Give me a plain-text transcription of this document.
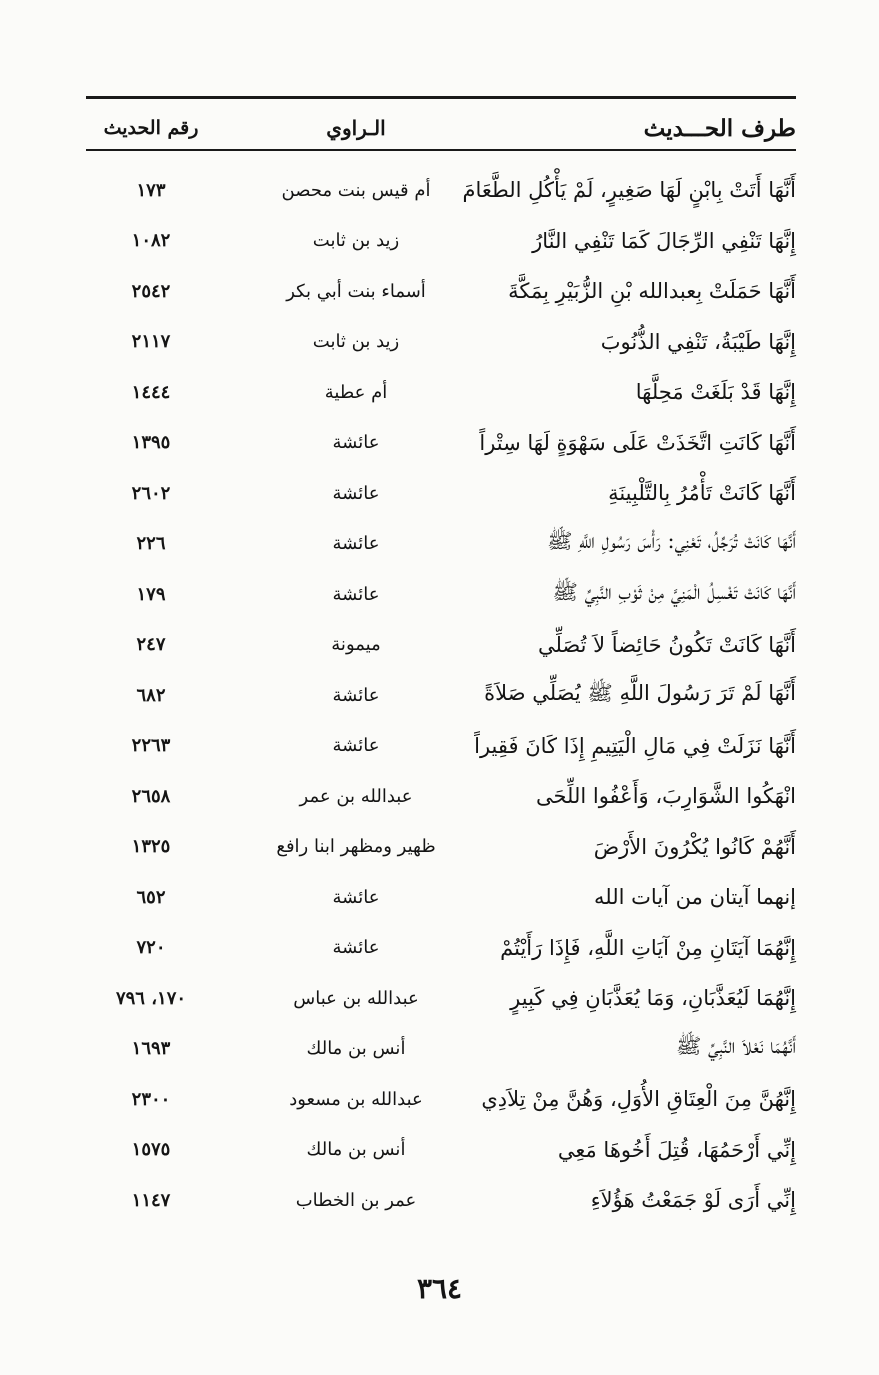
طرف الحـــديث
الـراوي
رقم الحديث
أَنَّهَا أَتَتْ بِابْنٍ لَهَا صَغِيرٍ، لَمْ يَأْكُلِ الطَّعَامَ
أم قيس بنت محصن
١٧٣
إِنَّهَا تَنْفِي الرِّجَالَ كَمَا تَنْفِي النَّارُ
زيد بن ثابت
١٠٨٢
أَنَّهَا حَمَلَتْ بِعبدالله بْنِ الزُّبَيْرِ بِمَكَّةَ
أسماء بنت أبي بكر
٢٥٤٢
إِنَّهَا طَيْبَةُ، تَنْفِي الذُّنُوبَ
زيد بن ثابت
٢١١٧
إِنَّهَا قَدْ بَلَغَتْ مَحِلَّهَا
أم عطية
١٤٤٤
أَنَّهَا كَانَتِ اتَّخَذَتْ عَلَى سَهْوَةٍ لَهَا سِتْراً
عائشة
١٣٩٥
أَنَّهَا كَانَتْ تَأْمُرُ بِالتَّلْبِينَةِ
عائشة
٢٦٠٢
أَنَّهَا كَانَتْ تُرَجِّلُ، تَعْنِي: رَأْسَ رَسُولِ اللَّهِ ﷺ
عائشة
٢٢٦
أَنَّهَا كَانَتْ تَغْسِلُ الْمَنِيَّ مِنْ ثَوْبِ النَّبِيِّ ﷺ
عائشة
١٧٩
أَنَّهَا كَانَتْ تَكُونُ حَائِضاً لاَ تُصَلِّي
ميمونة
٢٤٧
أَنَّهَا لَمْ تَرَ رَسُولَ اللَّهِ ﷺ يُصَلِّي صَلاَةً
عائشة
٦٨٢
أَنَّهَا نَزَلَتْ فِي مَالِ الْيَتِيمِ إِذَا كَانَ فَقِيراً
عائشة
٢٢٦٣
انْهَكُوا الشَّوَارِبَ، وَأَعْفُوا اللِّحَى
عبدالله بن عمر
٢٦٥٨
أَنَّهُمْ كَانُوا يُكْرُونَ الأَرْضَ
ظهير ومظهر ابنا رافع
١٣٢٥
إنهما آيتان من آيات الله
عائشة
٦٥٢
إِنَّهُمَا آيَتَانِ مِنْ آيَاتِ اللَّهِ، فَإِذَا رَأَيْتُمْ
عائشة
٧٢٠
إِنَّهُمَا لَيُعَذَّبَانِ، وَمَا يُعَذَّبَانِ فِي كَبِيرٍ
عبدالله بن عباس
١٧٠، ٧٩٦
أَنَّهُمَا نَعْلاَ النَّبِيِّ ﷺ
أنس بن مالك
١٦٩٣
إِنَّهُنَّ مِنَ الْعِتَاقِ الأُوَلِ، وَهُنَّ مِنْ تِلاَدِي
عبدالله بن مسعود
٢٣٠٠
إِنِّي أَرْحَمُهَا، قُتِلَ أَخُوهَا مَعِي
أنس بن مالك
١٥٧٥
إِنِّي أَرَى لَوْ جَمَعْتُ هَؤُلاَءِ
عمر بن الخطاب
١١٤٧
٣٦٤
